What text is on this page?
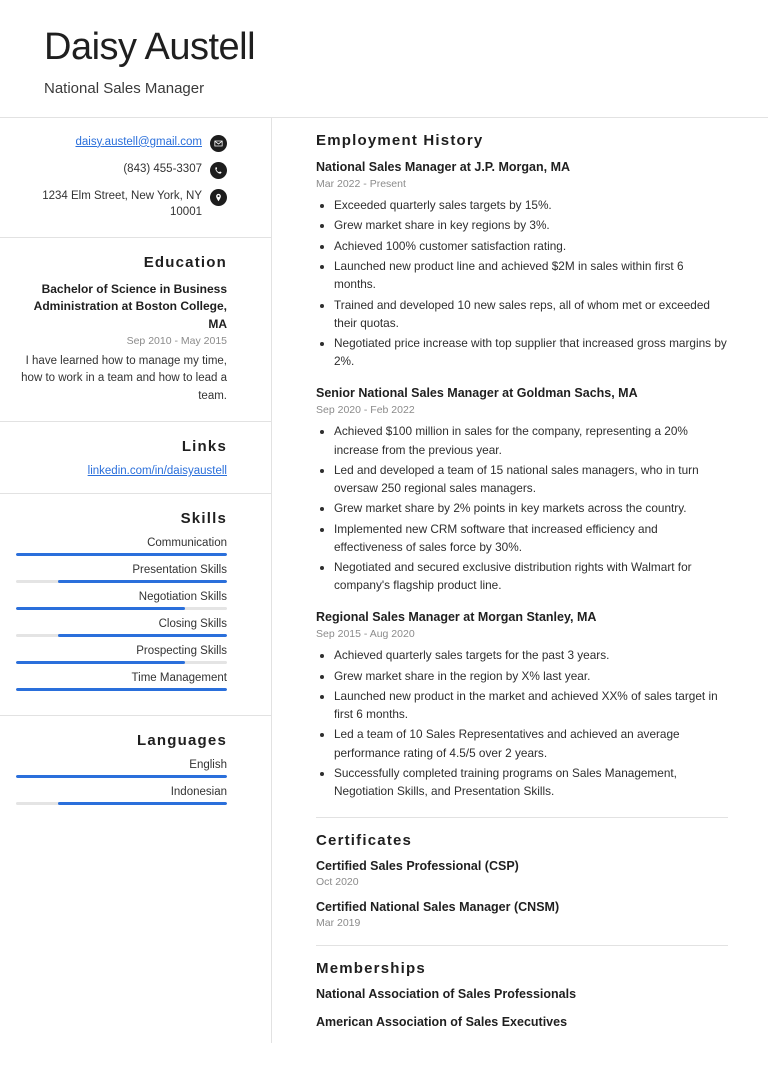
Daisy Austell

National Sales Manager

daisy.austell@gmail.com
(843) 455-3307
1234 Elm Street, New York, NY 10001
Education

Bachelor of Science in Business Administration at Boston College, MA

Sep 2010 - May 2015

I have learned how to manage my time, how to work in a team and how to lead a team.

Links
linkedin.com/in/daisyaustell
Skills
Communication
Presentation Skills
Negotiation Skills
Closing Skills
Prospecting Skills
Time Management
Languages
English
Indonesian
Employment History

National Sales Manager at J.P. Morgan, MA

Mar 2022 - Present

• Exceeded quarterly sales targets by 15%.
• Grew market share in key regions by 3%.
• Achieved 100% customer satisfaction rating.
• Launched new product line and achieved $2M in sales within first 6 months.
• Trained and developed 10 new sales reps, all of whom met or exceeded their quotas.
• Negotiated price increase with top supplier that increased gross margins by 2%.

Senior National Sales Manager at Goldman Sachs, MA

Sep 2020 - Feb 2022

• Achieved $100 million in sales for the company, representing a 20% increase from the previous year.
• Led and developed a team of 15 national sales managers, who in turn oversaw 250 regional sales managers.
• Grew market share by 2% points in key markets across the country.
• Implemented new CRM software that increased efficiency and effectiveness of sales force by 30%.
• Negotiated and secured exclusive distribution rights with Walmart for company's flagship product line.

Regional Sales Manager at Morgan Stanley, MA

Sep 2015 - Aug 2020

• Achieved quarterly sales targets for the past 3 years.
• Grew market share in the region by X% last year.
• Launched new product in the market and achieved XX% of sales target in first 6 months.
• Led a team of 10 Sales Representatives and achieved an average performance rating of 4.5/5 over 2 years.
• Successfully completed training programs on Sales Management, Negotiation Skills, and Presentation Skills.
Certificates

Certified Sales Professional (CSP)

Oct 2020

Certified National Sales Manager (CNSM)

Mar 2019

Memberships

National Association of Sales Professionals

American Association of Sales Executives
